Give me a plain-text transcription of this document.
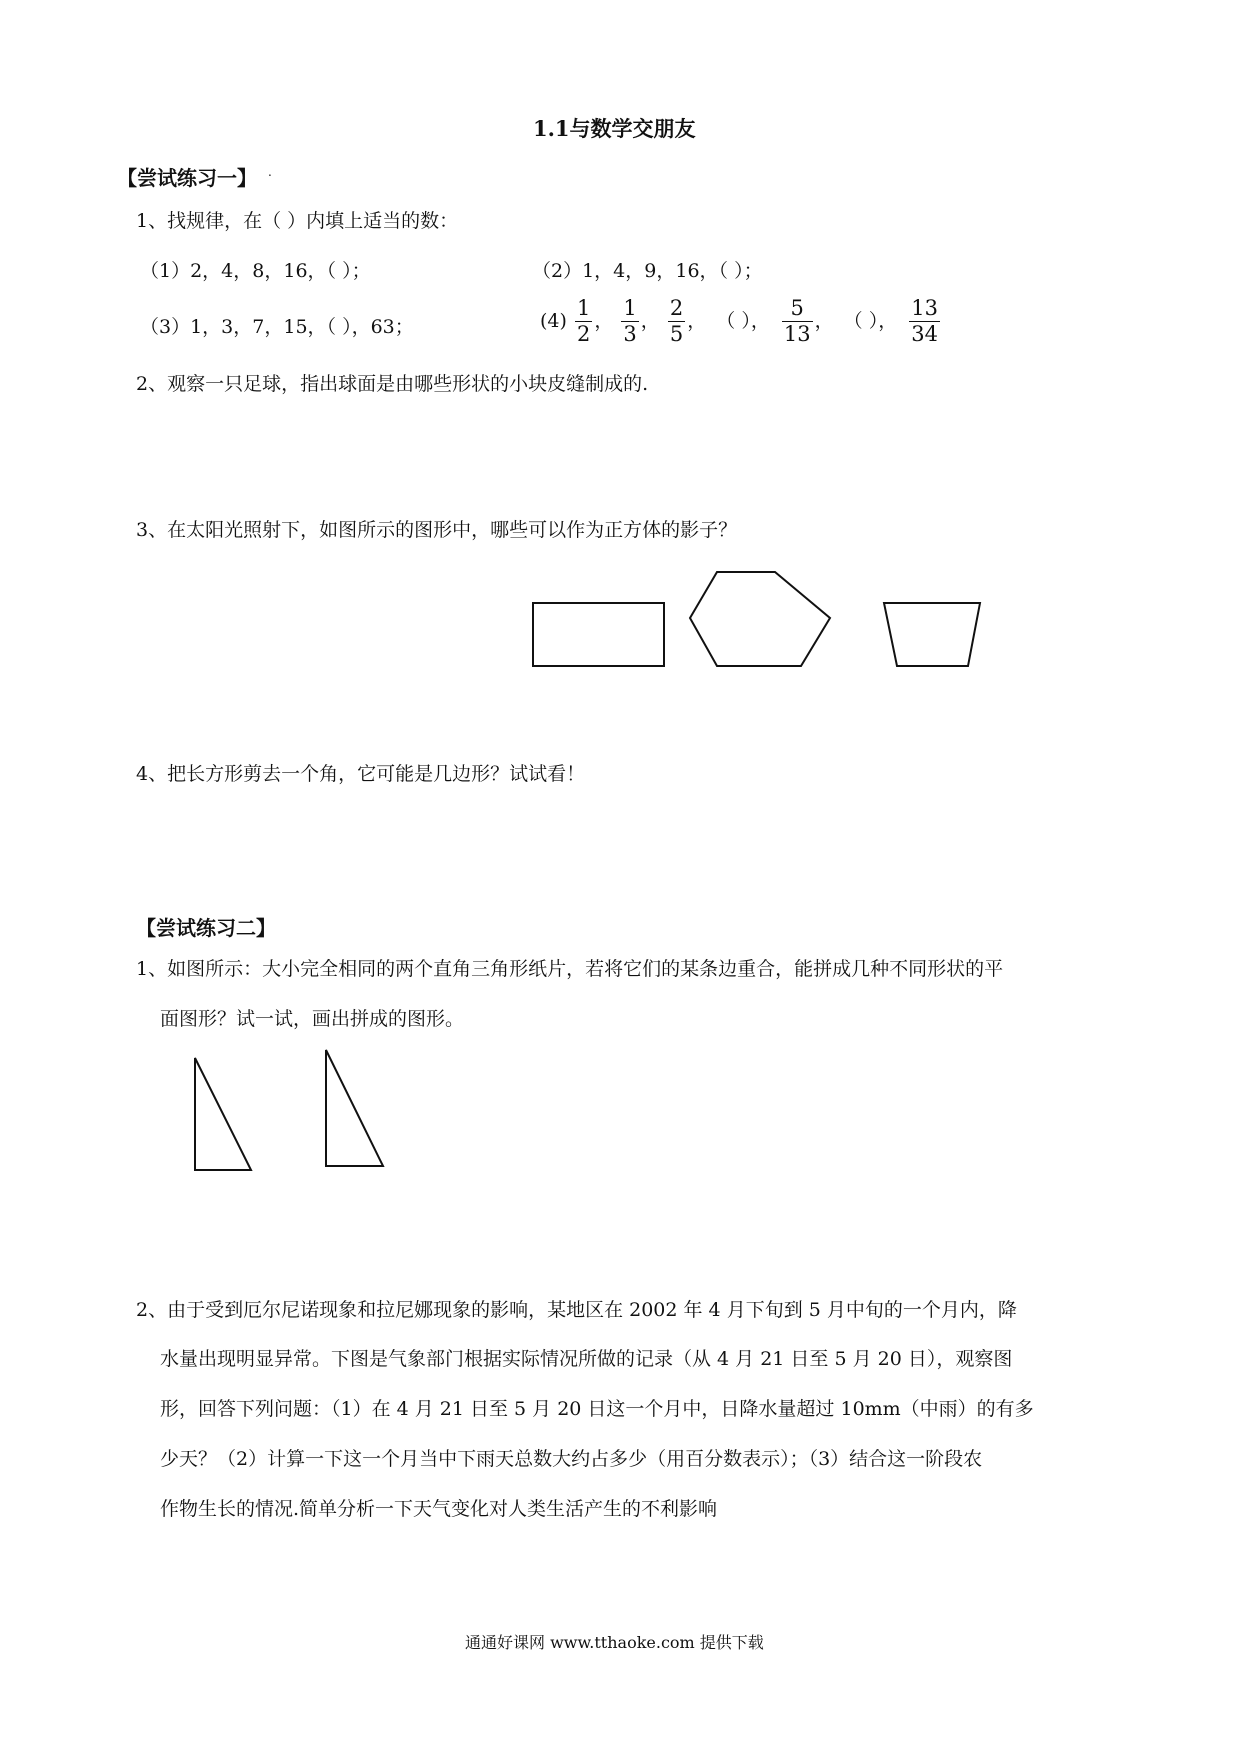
1.1与数学交朋友
【尝试练习一】 .
1、找规律，在（ ）内填上适当的数：
（1）2，4，8，16，（ ）；	（2）1，4，9，16，（ ）；
（3）1，3，7，15，（ ），63；	$(4) \frac{1}{2}$ ， $\frac{1}{3}$ ， $\frac{2}{5}$ ， （ ）， $\frac{5}{13}$ ， （ ）， $\frac{13}{34}$
2、观察一只足球，指出球面是由哪些形状的小块皮缝制成的.
3、在太阳光照射下，如图所示的图形中，哪些可以作为正方体的影子？
4、把长方形剪去一个角，它可能是几边形？试试看！
【尝试练习二】
1、如图所示：大小完全相同的两个直角三角形纸片，若将它们的某条边重合，能拼成几种不同形状的平
面图形？试一试，画出拼成的图形。
2、由于受到厄尔尼诺现象和拉尼娜现象的影响，某地区在 2002 年 4 月下旬到 5 月中旬的一个月内，降
水量出现明显异常。下图是气象部门根据实际情况所做的记录（从 4 月 21 日至 5 月 20 日），观察图
形，回答下列问题：（1）在 4 月 21 日至 5 月 20 日这一个月中，日降水量超过 10mm（中雨）的有多
少天？（2）计算一下这一个月当中下雨天总数大约占多少（用百分数表示）；（3）结合这一阶段农
作物生长的情况.简单分析一下天气变化对人类生活产生的不利影响
通通好课网 www.tthaoke.com 提供下载
